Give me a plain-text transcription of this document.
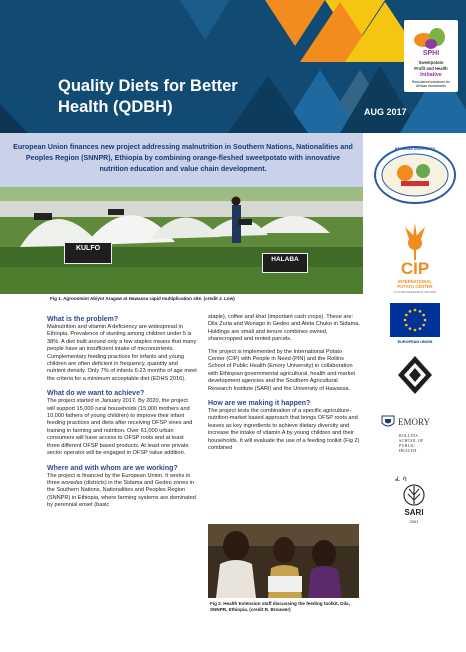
Quality Diets for Better
Health (QDBH)	AUG 2017
SPHI
Sweetpotato
Profit and Health
Initiative
Root-based solutions for African households

European Union finances new project addressing malnutrition in Southern Nations, Nationalities and Peoples Region (SNNPR), Ethiopia by combining orange-fleshed sweetpotato with innovative nutrition education and value chain development.

KULFO
HALABA
Fig 1. Agronomist Abiyot Aragaw at Hawassa rapid multiplication site. (credit J. Low)
What is the problem?

Malnutrition and vitamin A deficiency are widespread in Ethiopia. Prevalence of stunting among children under 5 is 38%. A diet built around only a few staples means that many people have an insufficient intake of micronutrients. Complementary feeding practices for infants and young children are often deficient in frequency, quantity and nutrient density. Only 7% of infants 6-23 months of age meet the criteria for a minimum acceptable diet (EDHS 2016).

What do we want to achieve?

The project started in January 2017. By 2020, the project will support 15,000 rural households (15,000 mothers and 10,000 fathers of young children) to improve their infant feeding practices and diets after receiving OFSP vines and training in farming and nutrition. Over 61,000 urban consumers will have access to OFSP roots and at least three different OFSP based products. At least one private sector operator will be engaged in OFSP value addition.

Where and with whom are we working?

The project is financed by the European Union. It works in three woredas (districts) in the Sidama and Gedeo zones in the Southern Nations, Nationalities and Peoples Region (SNNPR) in Ethiopia, where farming systems are dominated by perennial enset (basic

staple), coffee and khat (important cash crops). These are: Dila Zuria and Wonago in Gedeo and Aleta Chuko in Sidama. Holdings are small and tenure combines owned, sharecropped and rented parcels.

The project is implemented by the International Potato Center (CIP) with People in Need (PIN) and the Rollins School of Public Health (Emory University) in collaboration with Ethiopian governmental agricultural, health and market development agencies and the Southern Agricultural Research Institute (SARI) and the University of Hawassa.

How are we making it happen?

The project tests the combination of a specific agriculture-nutrition-market based approach that brings OFSP roots and leaves as key ingredients to achieve dietary diversity and increase the intake of vitamin A by young children and their households. It will evaluate the use of a feeding toolkit (Fig 2) combined

Fig 2. Health Extension staff discussing the feeding toolkit, Dila, SNNPR, Ethiopia. (credit R. Brouwer)
HAWASSA UNIVERSITY
CIP
INTERNATIONAL
POTATO CENTER
A CGIAR RESEARCH CENTER
EUROPEAN UNION
EMORY
ROLLINS
SCHOOL OF
PUBLIC
HEALTH
ፈ ሳ
SARI
2001
